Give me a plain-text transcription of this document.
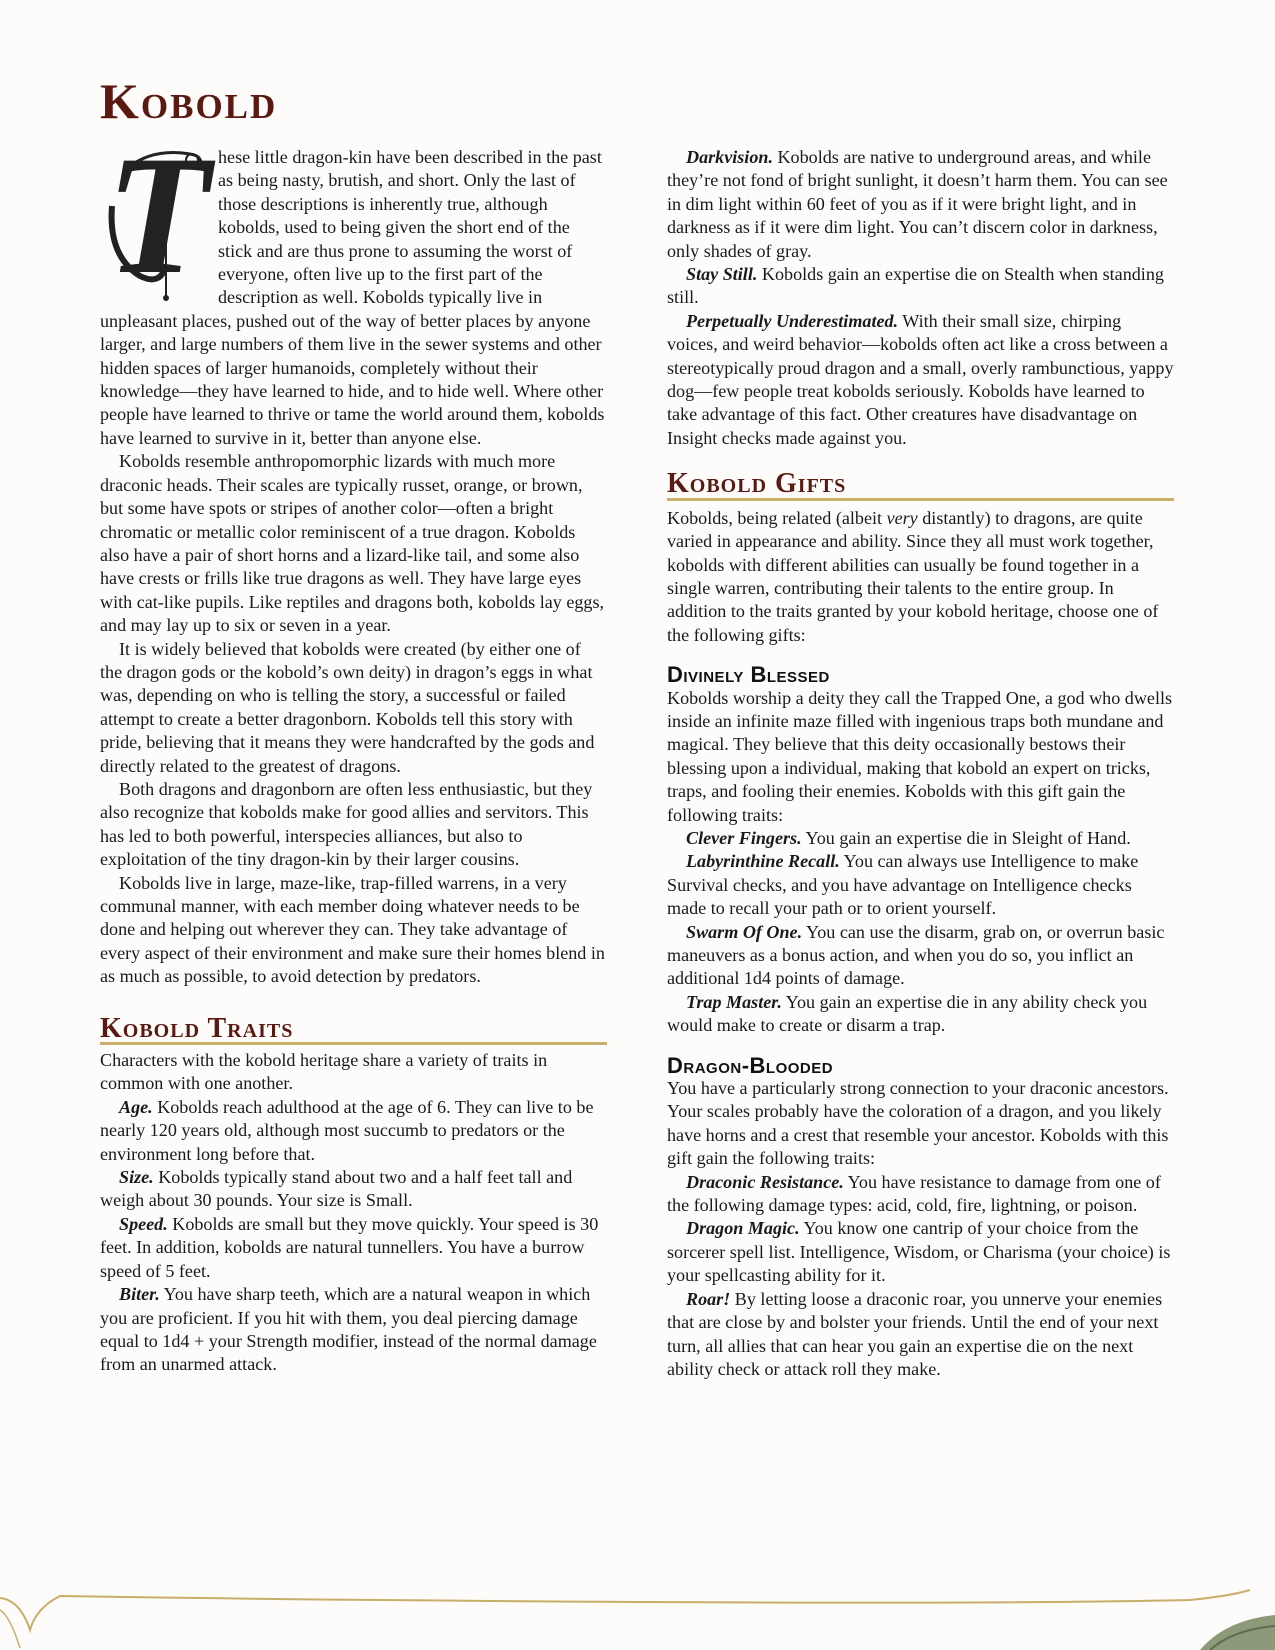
Kobold
T hese little dragon-kin have been described in the past as being nasty, brutish, and short. Only the last of those descriptions is inherently true, although kobolds, used to being given the short end of the stick and are thus prone to assuming the worst of everyone, often live up to the first part of the description as well. Kobolds typically live in unpleasant places, pushed out of the way of better places by anyone larger, and large numbers of them live in the sewer systems and other hidden spaces of larger humanoids, completely without their knowledge—they have learned to hide, and to hide well. Where other people have learned to thrive or tame the world around them, kobolds have learned to survive in it, better than anyone else.

Kobolds resemble anthropomorphic lizards with much more draconic heads. Their scales are typically russet, orange, or brown, but some have spots or stripes of another color—often a bright chromatic or metallic color reminiscent of a true dragon. Kobolds also have a pair of short horns and a lizard-like tail, and some also have crests or frills like true dragons as well. They have large eyes with cat-like pupils. Like reptiles and dragons both, kobolds lay eggs, and may lay up to six or seven in a year.

It is widely believed that kobolds were created (by either one of the dragon gods or the kobold’s own deity) in dragon’s eggs in what was, depending on who is telling the story, a successful or failed attempt to create a better dragonborn. Kobolds tell this story with pride, believing that it means they were handcrafted by the gods and directly related to the greatest of dragons.

Both dragons and dragonborn are often less enthusiastic, but they also recognize that kobolds make for good allies and servitors. This has led to both powerful, interspecies alliances, but also to exploitation of the tiny dragon-kin by their larger cousins.

Kobolds live in large, maze-like, trap-filled warrens, in a very communal manner, with each member doing whatever needs to be done and helping out wherever they can. They take advantage of every aspect of their environment and make sure their homes blend in as much as possible, to avoid detection by predators.

Kobold Traits

Characters with the kobold heritage share a variety of traits in common with one another.

Age. Kobolds reach adulthood at the age of 6. They can live to be nearly 120 years old, although most succumb to predators or the environment long before that.

Size. Kobolds typically stand about two and a half feet tall and weigh about 30 pounds. Your size is Small.

Speed. Kobolds are small but they move quickly. Your speed is 30 feet. In addition, kobolds are natural tunnellers. You have a burrow speed of 5 feet.

Biter. You have sharp teeth, which are a natural weapon in which you are proficient. If you hit with them, you deal piercing damage equal to 1d4 + your Strength modifier, instead of the normal damage from an unarmed attack.

Darkvision. Kobolds are native to underground areas, and while they’re not fond of bright sunlight, it doesn’t harm them. You can see in dim light within 60 feet of you as if it were bright light, and in darkness as if it were dim light. You can’t discern color in darkness, only shades of gray.

Stay Still. Kobolds gain an expertise die on Stealth when standing still.

Perpetually Underestimated. With their small size, chirping voices, and weird behavior—kobolds often act like a cross between a stereotypically proud dragon and a small, overly rambunctious, yappy dog—few people treat kobolds seriously. Kobolds have learned to take advantage of this fact. Other creatures have disadvantage on Insight checks made against you.

Kobold Gifts

Kobolds, being related (albeit very distantly) to dragons, are quite varied in appearance and ability. Since they all must work together, kobolds with different abilities can usually be found together in a single warren, contributing their talents to the entire group. In addition to the traits granted by your kobold heritage, choose one of the following gifts:

Divinely Blessed

Kobolds worship a deity they call the Trapped One, a god who dwells inside an infinite maze filled with ingenious traps both mundane and magical. They believe that this deity occasionally bestows their blessing upon a individual, making that kobold an expert on tricks, traps, and fooling their enemies. Kobolds with this gift gain the following traits:

Clever Fingers. You gain an expertise die in Sleight of Hand.

Labyrinthine Recall. You can always use Intelligence to make Survival checks, and you have advantage on Intelligence checks made to recall your path or to orient yourself.

Swarm Of One. You can use the disarm, grab on, or overrun basic maneuvers as a bonus action, and when you do so, you inflict an additional 1d4 points of damage.

Trap Master. You gain an expertise die in any ability check you would make to create or disarm a trap.

Dragon-Blooded

You have a particularly strong connection to your draconic ancestors. Your scales probably have the coloration of a dragon, and you likely have horns and a crest that resemble your ancestor. Kobolds with this gift gain the following traits:

Draconic Resistance. You have resistance to damage from one of the following damage types: acid, cold, fire, lightning, or poison.

Dragon Magic. You know one cantrip of your choice from the sorcerer spell list. Intelligence, Wisdom, or Charisma (your choice) is your spellcasting ability for it.

Roar! By letting loose a draconic roar, you unnerve your enemies that are close by and bolster your friends. Until the end of your next turn, all allies that can hear you gain an expertise die on the next ability check or attack roll they make.
